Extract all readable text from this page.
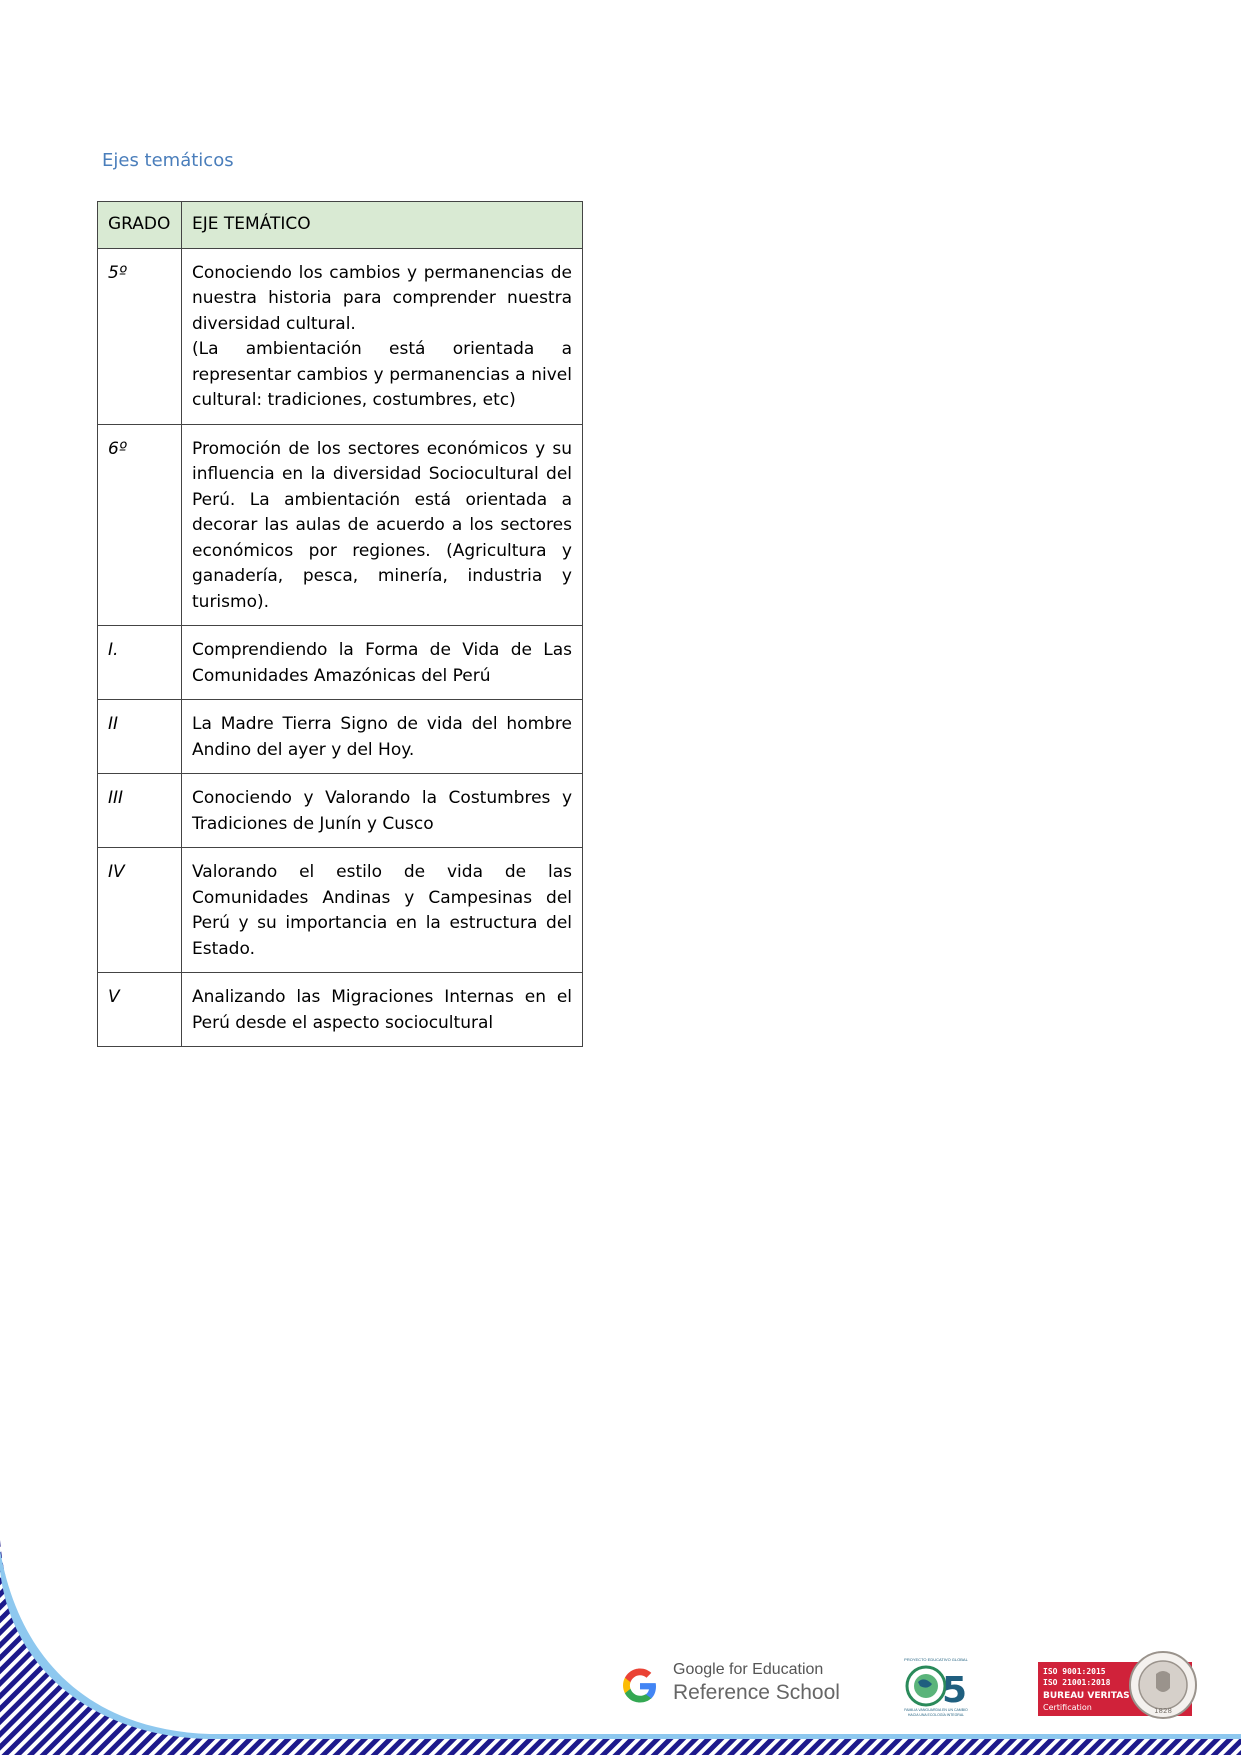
Ejes temáticos
GRADO	EJE TEMÁTICO
5º	Conociendo los cambios y permanencias de nuestra historia para comprender nuestra diversidad cultural.
(La ambientación está orientada a representar cambios y permanencias a nivel cultural: tradiciones, costumbres, etc)

6º	Promoción de los sectores económicos y su influencia en la diversidad Sociocultural del Perú. La ambientación está orientada a decorar las aulas de acuerdo a los sectores económicos por regiones. (Agricultura y ganadería, pesca, minería, industria y turismo).
I.	Comprendiendo la Forma de Vida de Las Comunidades Amazónicas del Perú
II	La Madre Tierra Signo de vida del hombre Andino del ayer y del Hoy.
III	Conociendo y Valorando la Costumbres y Tradiciones de Junín y Cusco
IV	Valorando el estilo de vida de las Comunidades Andinas y Campesinas del Perú y su importancia en la estructura del Estado.
V	Analizando las Migraciones Internas en el Perú desde el aspecto sociocultural
Google for Education
Reference School
PROYECTO EDUCATIVO GLOBAL
5
FAMILIA VANGUARDIA EN UN CAMBIO
HACIA UNA ECOLOGÍA INTEGRAL
ISO 9001:2015
ISO 21001:2018
BUREAU VERITAS
Certification	1828
